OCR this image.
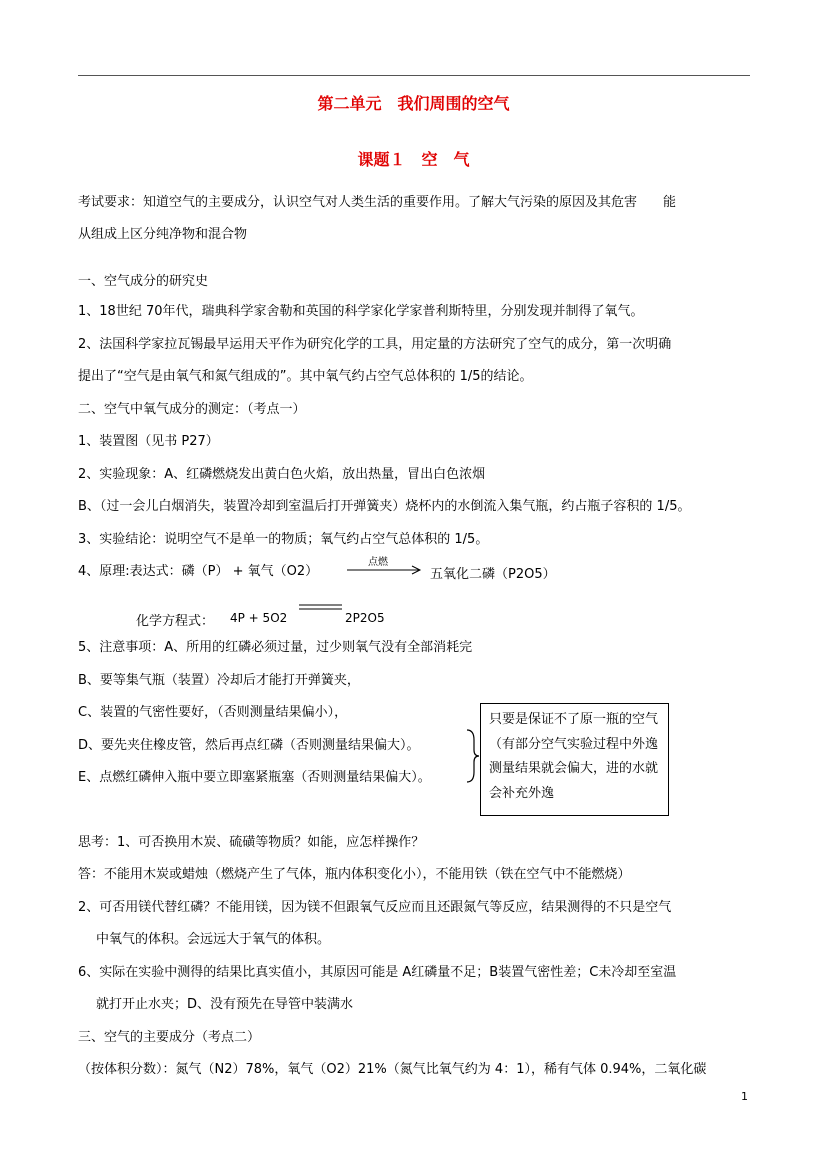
第二单元　我们周围的空气
课题１　空　气
考试要求：知道空气的主要成分，认识空气对人类生活的重要作用。了解大气污染的原因及其危害　　能
从组成上区分纯净物和混合物
一、空气成分的研究史
1、18世纪 70年代，瑞典科学家舍勒和英国的科学家化学家普利斯特里，分别发现并制得了氧气。
2、法国科学家拉瓦锡最早运用天平作为研究化学的工具，用定量的方法研究了空气的成分，第一次明确
提出了“空气是由氧气和氮气组成的”。其中氧气约占空气总体积的 1/5的结论。
二、空气中氧气成分的测定：（考点一）
1、装置图（见书 P27）
2、实验现象：A、红磷燃烧发出黄白色火焰，放出热量，冒出白色浓烟
B、（过一会儿白烟消失，装置冷却到室温后打开弹簧夹）烧杯内的水倒流入集气瓶，约占瓶子容积的 1/5。
3、实验结论：说明空气不是单一的物质；氧气约占空气总体积的 1/5。
4、原理:表达式：磷（P） + 氧气（O2）
点燃
五氧化二磷（P2O5）
化学方程式： 4P + 5O2	2P2O5
5、注意事项：A、所用的红磷必须过量，过少则氧气没有全部消耗完
B、要等集气瓶（装置）冷却后才能打开弹簧夹，
C、装置的气密性要好，（否则测量结果偏小），
D、要先夹住橡皮管，然后再点红磷（否则测量结果偏大）。
E、点燃红磷伸入瓶中要立即塞紧瓶塞（否则测量结果偏大）。
只要是保证不了原一瓶的空气（有部分空气实验过程中外逸测量结果就会偏大，进的水就会补充外逸
思考：1、可否换用木炭、硫磺等物质？如能，应怎样操作？
答：不能用木炭或蜡烛（燃烧产生了气体，瓶内体积变化小），不能用铁（铁在空气中不能燃烧）
2、可否用镁代替红磷？不能用镁，因为镁不但跟氧气反应而且还跟氮气等反应，结果测得的不只是空气
中氧气的体积。会远远大于氧气的体积。
6、实际在实验中测得的结果比真实值小，其原因可能是 A红磷量不足；B装置气密性差；C未冷却至室温
就打开止水夹；D、没有预先在导管中装满水
三、空气的主要成分（考点二）
（按体积分数）：氮气（N2）78%，氧气（O2）21%（氮气比氧气约为 4：1），稀有气体 0.94%，二氧化碳
1
